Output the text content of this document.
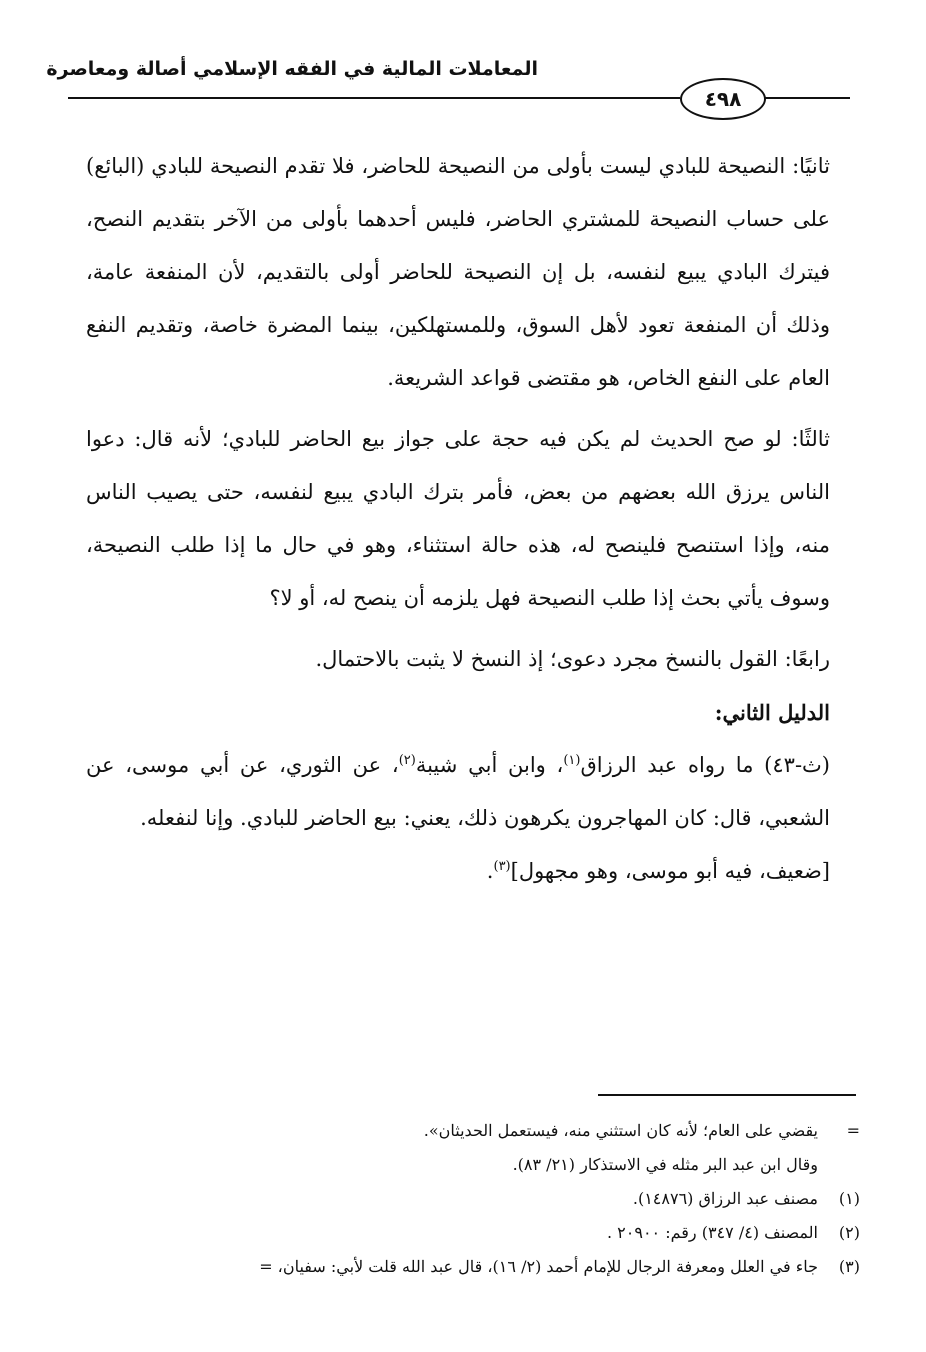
المعاملات المالية في الفقه الإسلامي أصالة ومعاصرة
٤٩٨

ثانيًا: النصيحة للبادي ليست بأولى من النصيحة للحاضر، فلا تقدم النصيحة للبادي (البائع) على حساب النصيحة للمشتري الحاضر، فليس أحدهما بأولى من الآخر بتقديم النصح، فيترك البادي يبيع لنفسه، بل إن النصيحة للحاضر أولى بالتقديم، لأن المنفعة عامة، وذلك أن المنفعة تعود لأهل السوق، وللمستهلكين، بينما المضرة خاصة، وتقديم النفع العام على النفع الخاص، هو مقتضى قواعد الشريعة.

ثالثًا: لو صح الحديث لم يكن فيه حجة على جواز بيع الحاضر للبادي؛ لأنه قال: دعوا الناس يرزق الله بعضهم من بعض، فأمر بترك البادي يبيع لنفسه، حتى يصيب الناس منه، وإذا استنصح فلينصح له، هذه حالة استثناء، وهو في حال ما إذا طلب النصيحة، وسوف يأتي بحث إذا طلب النصيحة فهل يلزمه أن ينصح له، أو لا؟

رابعًا: القول بالنسخ مجرد دعوى؛ إذ النسخ لا يثبت بالاحتمال.

الدليل الثاني:

(ث-٤٣) ما رواه عبد الرزاق$^{(١)}$، وابن أبي شيبة$^{(٢)}$، عن الثوري، عن أبي موسى، عن الشعبي، قال: كان المهاجرون يكرهون ذلك، يعني: بيع الحاضر للبادي. وإنا لنفعله.

[ضعيف، فيه أبو موسى، وهو مجهول]$^{(٣)}$.

=
يقضي على العام؛ لأنه كان استثني منه، فيستعمل الحديثان».
وقال ابن عبد البر مثله في الاستذكار (٢١/ ٨٣).
(١)
مصنف عبد الرزاق (١٤٨٧٦).
(٢)
المصنف (٤/ ٣٤٧) رقم: ٢٠٩٠٠ .
(٣)
جاء في العلل ومعرفة الرجال للإمام أحمد (٢/ ١٦)، قال عبد الله قلت لأبي: سفيان، =
